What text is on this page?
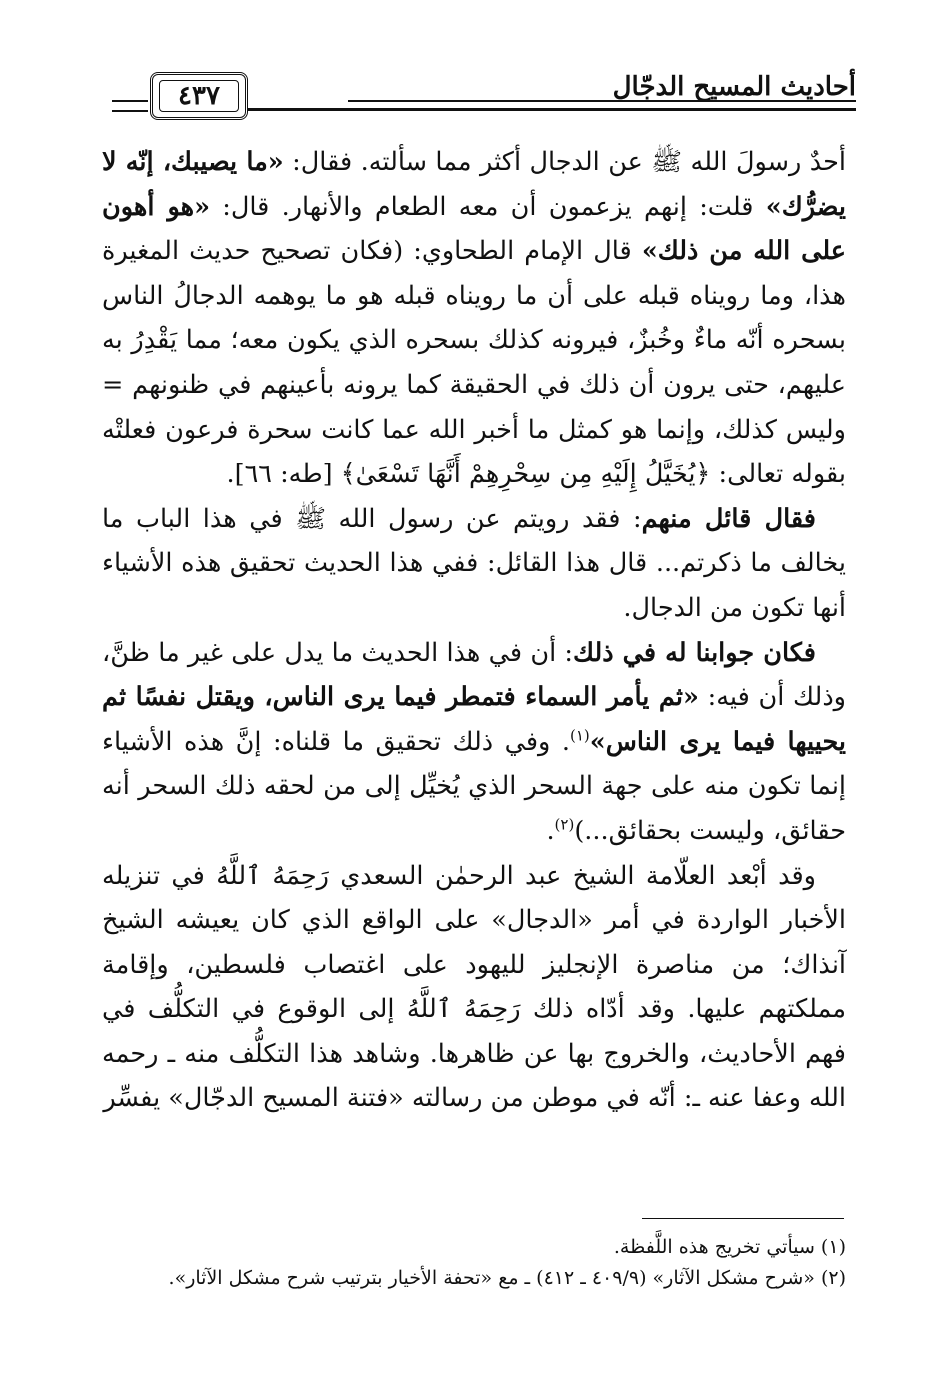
٤٣٧	أحاديث المسيح الدجّال

أحدٌ رسولَ الله ﷺ عن الدجال أكثر مما سألته. فقال: «ما يصيبك، إنّه لا يضرُّك» قلت: إنهم يزعمون أن معه الطعام والأنهار. قال: «هو أهون على الله من ذلك» قال الإمام الطحاوي: (فكان تصحيح حديث المغيرة هذا، وما رويناه قبله على أن ما رويناه قبله هو ما يوهمه الدجالُ الناس بسحره أنّه ماءٌ وخُبزٌ، فيرونه كذلك بسحره الذي يكون معه؛ مما يَقْدِرُ به عليهم، حتى يرون أن ذلك في الحقيقة كما يرونه بأعينهم في ظنونهم = وليس كذلك، وإنما هو كمثل ما أخبر الله عما كانت سحرة فرعون فعلتْه بقوله تعالى: ﴿يُخَيَّلُ إِلَيْهِ مِن سِحْرِهِمْ أَنَّهَا تَسْعَىٰ﴾ [طه: ٦٦].

فقال قائل منهم: فقد رويتم عن رسول الله ﷺ في هذا الباب ما يخالف ما ذكرتم... قال هذا القائل: ففي هذا الحديث تحقيق هذه الأشياء أنها تكون من الدجال.

فكان جوابنا له في ذلك: أن في هذا الحديث ما يدل على غير ما ظنَّ، وذلك أن فيه: «ثم يأمر السماء فتمطر فيما يرى الناس، ويقتل نفسًا ثم يحييها فيما يرى الناس»$^{(١)}$. وفي ذلك تحقيق ما قلناه: إنَّ هذه الأشياء إنما تكون منه على جهة السحر الذي يُخيِّل إلى من لحقه ذلك السحر أنه حقائق، وليست بحقائق...)$^{(٢)}$.

وقد أبْعد العلّامة الشيخ عبد الرحمٰن السعدي رَحِمَهُ ٱللَّهُ في تنزيله الأخبار الواردة في أمر «الدجال» على الواقع الذي كان يعيشه الشيخ آنذاك؛ من مناصرة الإنجليز لليهود على اغتصاب فلسطين، وإقامة مملكتهم عليها. وقد أدّاه ذلك رَحِمَهُ ٱللَّهُ إلى الوقوع في التكلُّف في فهم الأحاديث، والخروج بها عن ظاهرها. وشاهد هذا التكلُّف منه ـ رحمه الله وعفا عنه ـ: أنّه في موطن من رسالته «فتنة المسيح الدجّال» يفسِّر

(١) سيأتي تخريج هذه اللَّفظة.

(٢) «شرح مشكل الآثار» (٤٠٩/٩ ـ ٤١٢) ـ مع «تحفة الأخيار بترتيب شرح مشكل الآثار».
